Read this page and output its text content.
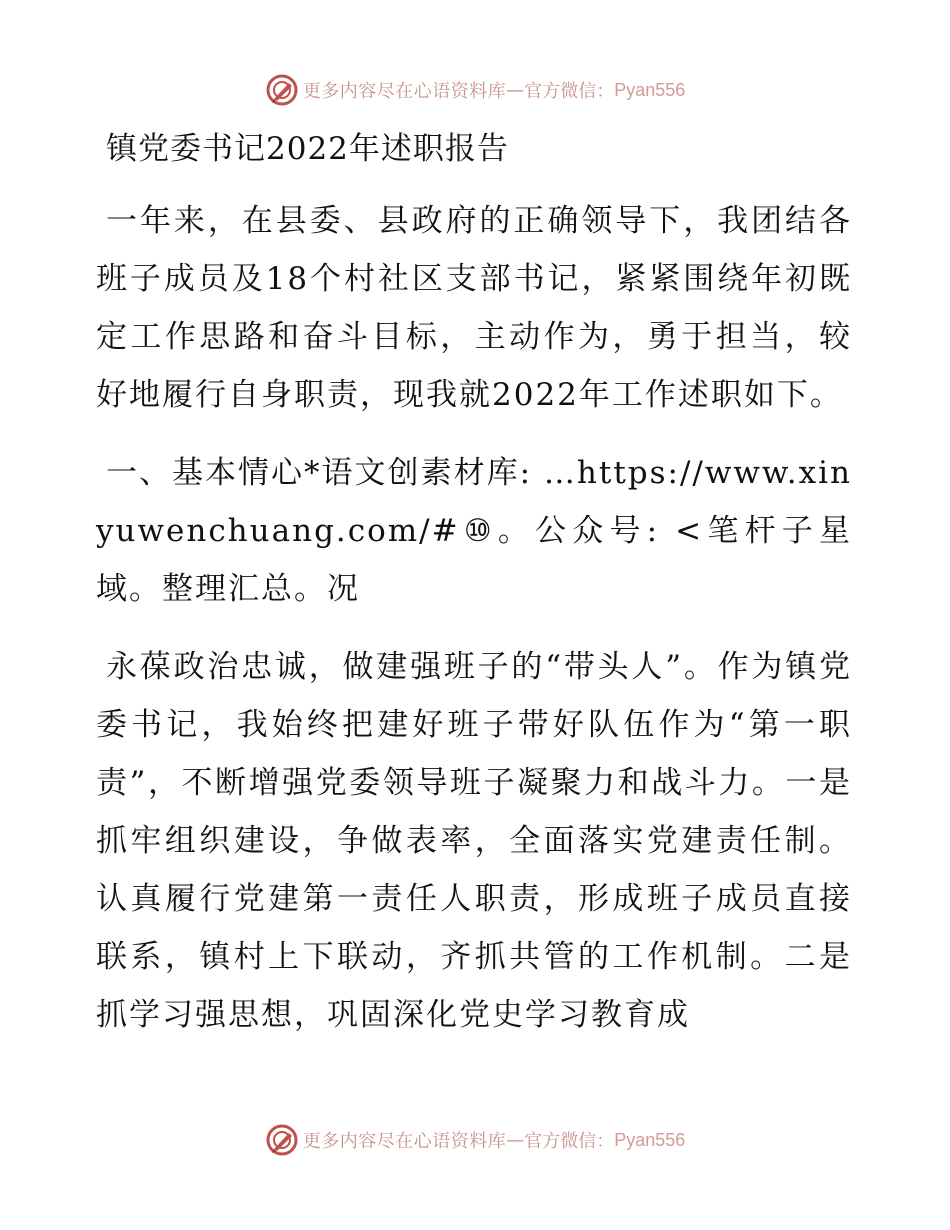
更多内容尽在心语资料库 — 官方微信： Pyan556
镇党委书记2022年述职报告

一年来，在县委、县政府的正确领导下，我团结各班子成员及18个村社区支部书记，紧紧围绕年初既定工作思路和奋斗目标，主动作为，勇于担当，较好地履行自身职责，现我就2022年工作述职如下。

一、基本情心*语文创素材库: …https://www.xinyuwenchuang.com/#⑩。公众号: <笔杆子星域。整理汇总。况

永葆政治忠诚，做建强班子的“带头人”。作为镇党委书记，我始终把建好班子带好队伍作为“第一职责”，不断增强党委领导班子凝聚力和战斗力。一是抓牢组织建设，争做表率，全面落实党建责任制。认真履行党建第一责任人职责，形成班子成员直接联系，镇村上下联动，齐抓共管的工作机制。二是抓学习强思想，巩固深化党史学习教育成

更多内容尽在心语资料库 — 官方微信： Pyan556
